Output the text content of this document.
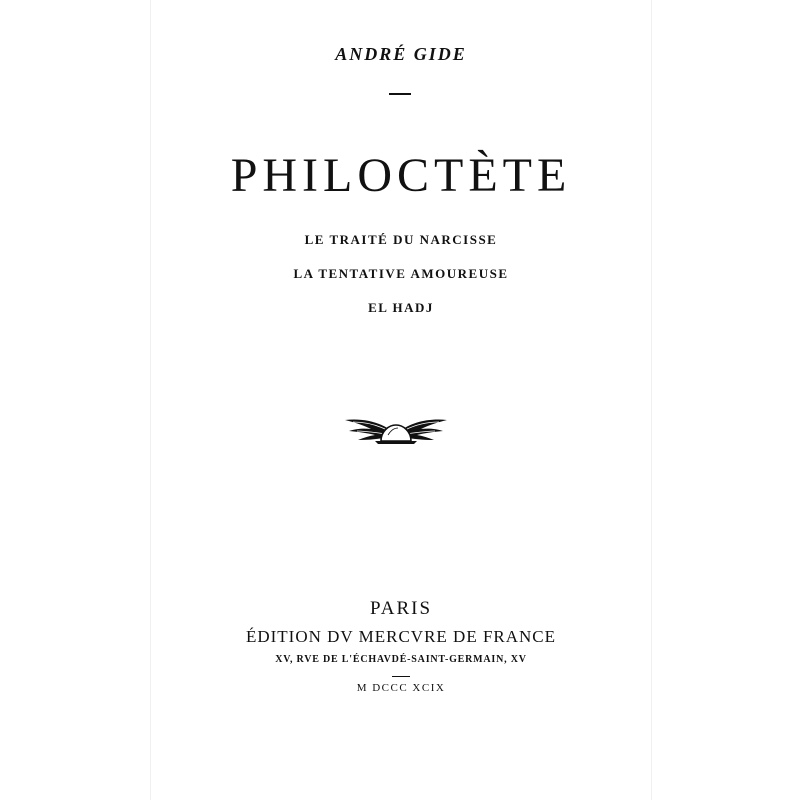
ANDRÉ GIDE

PHILOCTÈTE

LE TRAITÉ DU NARCISSE

LA TENTATIVE AMOUREUSE

EL HADJ

PARIS

ÉDITION DV MERCVRE DE FRANCE

XV, RVE DE L'ÉCHAVDÉ-SAINT-GERMAIN, XV

M DCCC XCIX
